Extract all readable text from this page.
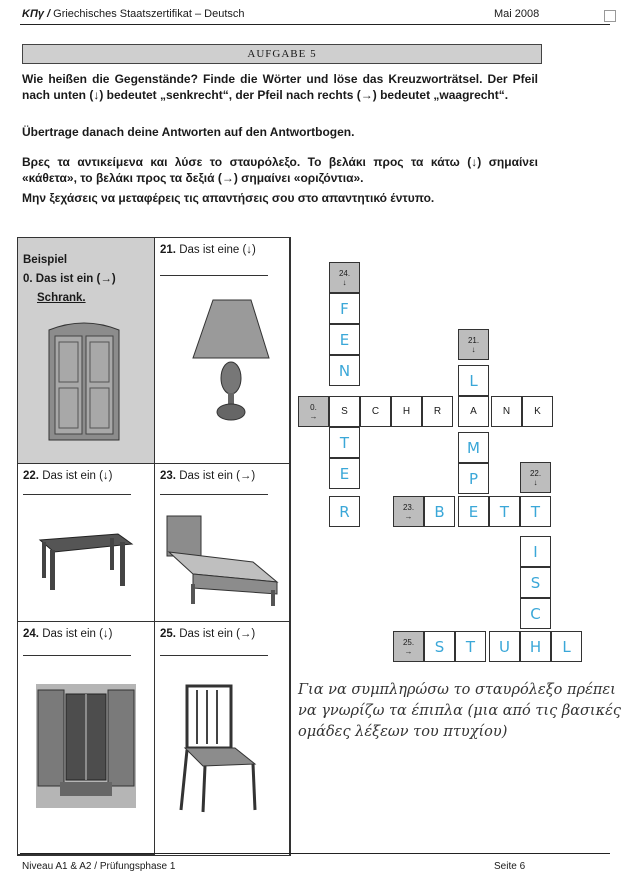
ΚΠγ / Griechisches Staatszertifikat – Deutsch	Mai 2008
AUFGABE 5
Wie heißen die Gegenstände? Finde die Wörter und löse das Kreuzworträtsel. Der Pfeil nach unten (↓) bedeutet „senkrecht“, der Pfeil nach rechts (→) bedeutet „waagrecht“.
Übertrage danach deine Antworten auf den Antwortbogen.
Βρες τα αντικείμενα και λύσε το σταυρόλεξο. Το βελάκι προς τα κάτω (↓) σημαίνει «κάθετα», το βελάκι προς τα δεξιά (→) σημαίνει «οριζόντια».
Μην ξεχάσεις να μεταφέρεις τις απαντήσεις σου στο απαντητικό έντυπο.
Beispiel
0. Das ist ein (→)
Schrank.
21. Das ist eine (↓)
22. Das ist ein (↓)	23. Das ist ein (→)
24. Das ist ein (↓)	25. Das ist ein (→)
24.
↓
F
E
N
T
E
R
0.
→	S	C	H	R	A	N	K
21.
↓
L
M
P
E
23.
→	B	T	T
22.
↓
I
S
C
25.
→	S	T	U	H	L
Για να συμπληρώσω το σταυρόλεξο πρέπει να γνωρίζω τα έπιπλα (μια από τις βασικές ομάδες λέξεων του πτυχίου)
Niveau A1 & A2 / Prüfungsphase 1	Seite 6
